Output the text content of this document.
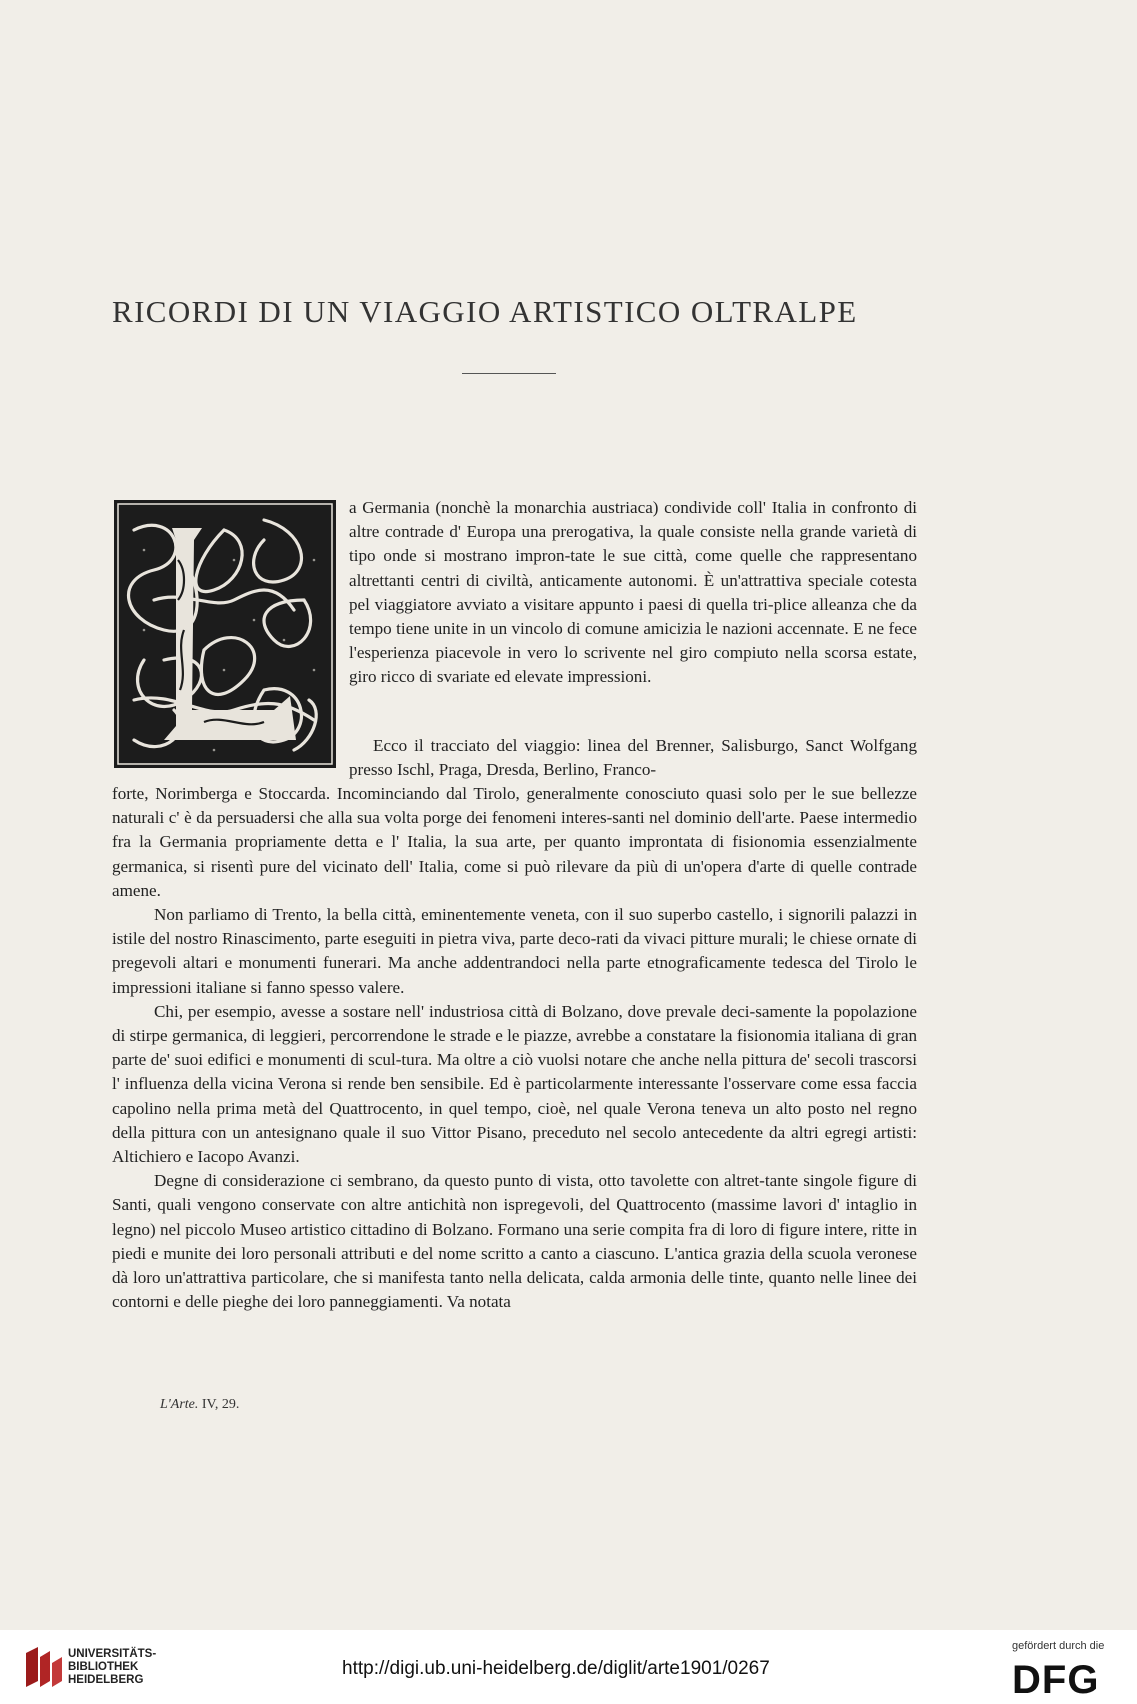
RICORDI DI UN VIAGGIO ARTISTICO OLTRALPE

a Germania (nonchè la monarchia austriaca) condivide coll' Italia in confronto di altre contrade d' Europa una prerogativa, la quale consiste nella grande varietà di tipo onde si mostrano impron-tate le sue città, come quelle che rappresentano altrettanti centri di civiltà, anticamente autonomi. È un'attrattiva speciale cotesta pel viaggiatore avviato a visitare appunto i paesi di quella tri-plice alleanza che da tempo tiene unite in un vincolo di comune amicizia le nazioni accennate. E ne fece l'esperienza piacevole in vero lo scrivente nel giro compiuto nella scorsa estate, giro ricco di svariate ed elevate impressioni.

Ecco il tracciato del viaggio: linea del Brenner, Salisburgo, Sanct Wolfgang presso Ischl, Praga, Dresda, Berlino, Franco-

forte, Norimberga e Stoccarda. Incominciando dal Tirolo, generalmente conosciuto quasi solo per le sue bellezze naturali c' è da persuadersi che alla sua volta porge dei fenomeni interes-santi nel dominio dell'arte. Paese intermedio fra la Germania propriamente detta e l' Italia, la sua arte, per quanto improntata di fisionomia essenzialmente germanica, si risentì pure del vicinato dell' Italia, come si può rilevare da più di un'opera d'arte di quelle contrade amene.

Non parliamo di Trento, la bella città, eminentemente veneta, con il suo superbo castello, i signorili palazzi in istile del nostro Rinascimento, parte eseguiti in pietra viva, parte deco-rati da vivaci pitture murali; le chiese ornate di pregevoli altari e monumenti funerari. Ma anche addentrandoci nella parte etnograficamente tedesca del Tirolo le impressioni italiane si fanno spesso valere.

Chi, per esempio, avesse a sostare nell' industriosa città di Bolzano, dove prevale deci-samente la popolazione di stirpe germanica, di leggieri, percorrendone le strade e le piazze, avrebbe a constatare la fisionomia italiana di gran parte de' suoi edifici e monumenti di scul-tura. Ma oltre a ciò vuolsi notare che anche nella pittura de' secoli trascorsi l' influenza della vicina Verona si rende ben sensibile. Ed è particolarmente interessante l'osservare come essa faccia capolino nella prima metà del Quattrocento, in quel tempo, cioè, nel quale Verona teneva un alto posto nel regno della pittura con un antesignano quale il suo Vittor Pisano, preceduto nel secolo antecedente da altri egregi artisti: Altichiero e Iacopo Avanzi.

Degne di considerazione ci sembrano, da questo punto di vista, otto tavolette con altret-tante singole figure di Santi, quali vengono conservate con altre antichità non ispregevoli, del Quattrocento (massime lavori d' intaglio in legno) nel piccolo Museo artistico cittadino di Bolzano. Formano una serie compita fra di loro di figure intere, ritte in piedi e munite dei loro personali attributi e del nome scritto a canto a ciascuno. L'antica grazia della scuola veronese dà loro un'attrattiva particolare, che si manifesta tanto nella delicata, calda armonia delle tinte, quanto nelle linee dei contorni e delle pieghe dei loro panneggiamenti. Va notata

L'Arte. IV, 29.
UNIVERSITÄTS-
BIBLIOTHEK
HEIDELBERG
http://digi.ub.uni-heidelberg.de/diglit/arte1901/0267
gefördert durch die
DFG
